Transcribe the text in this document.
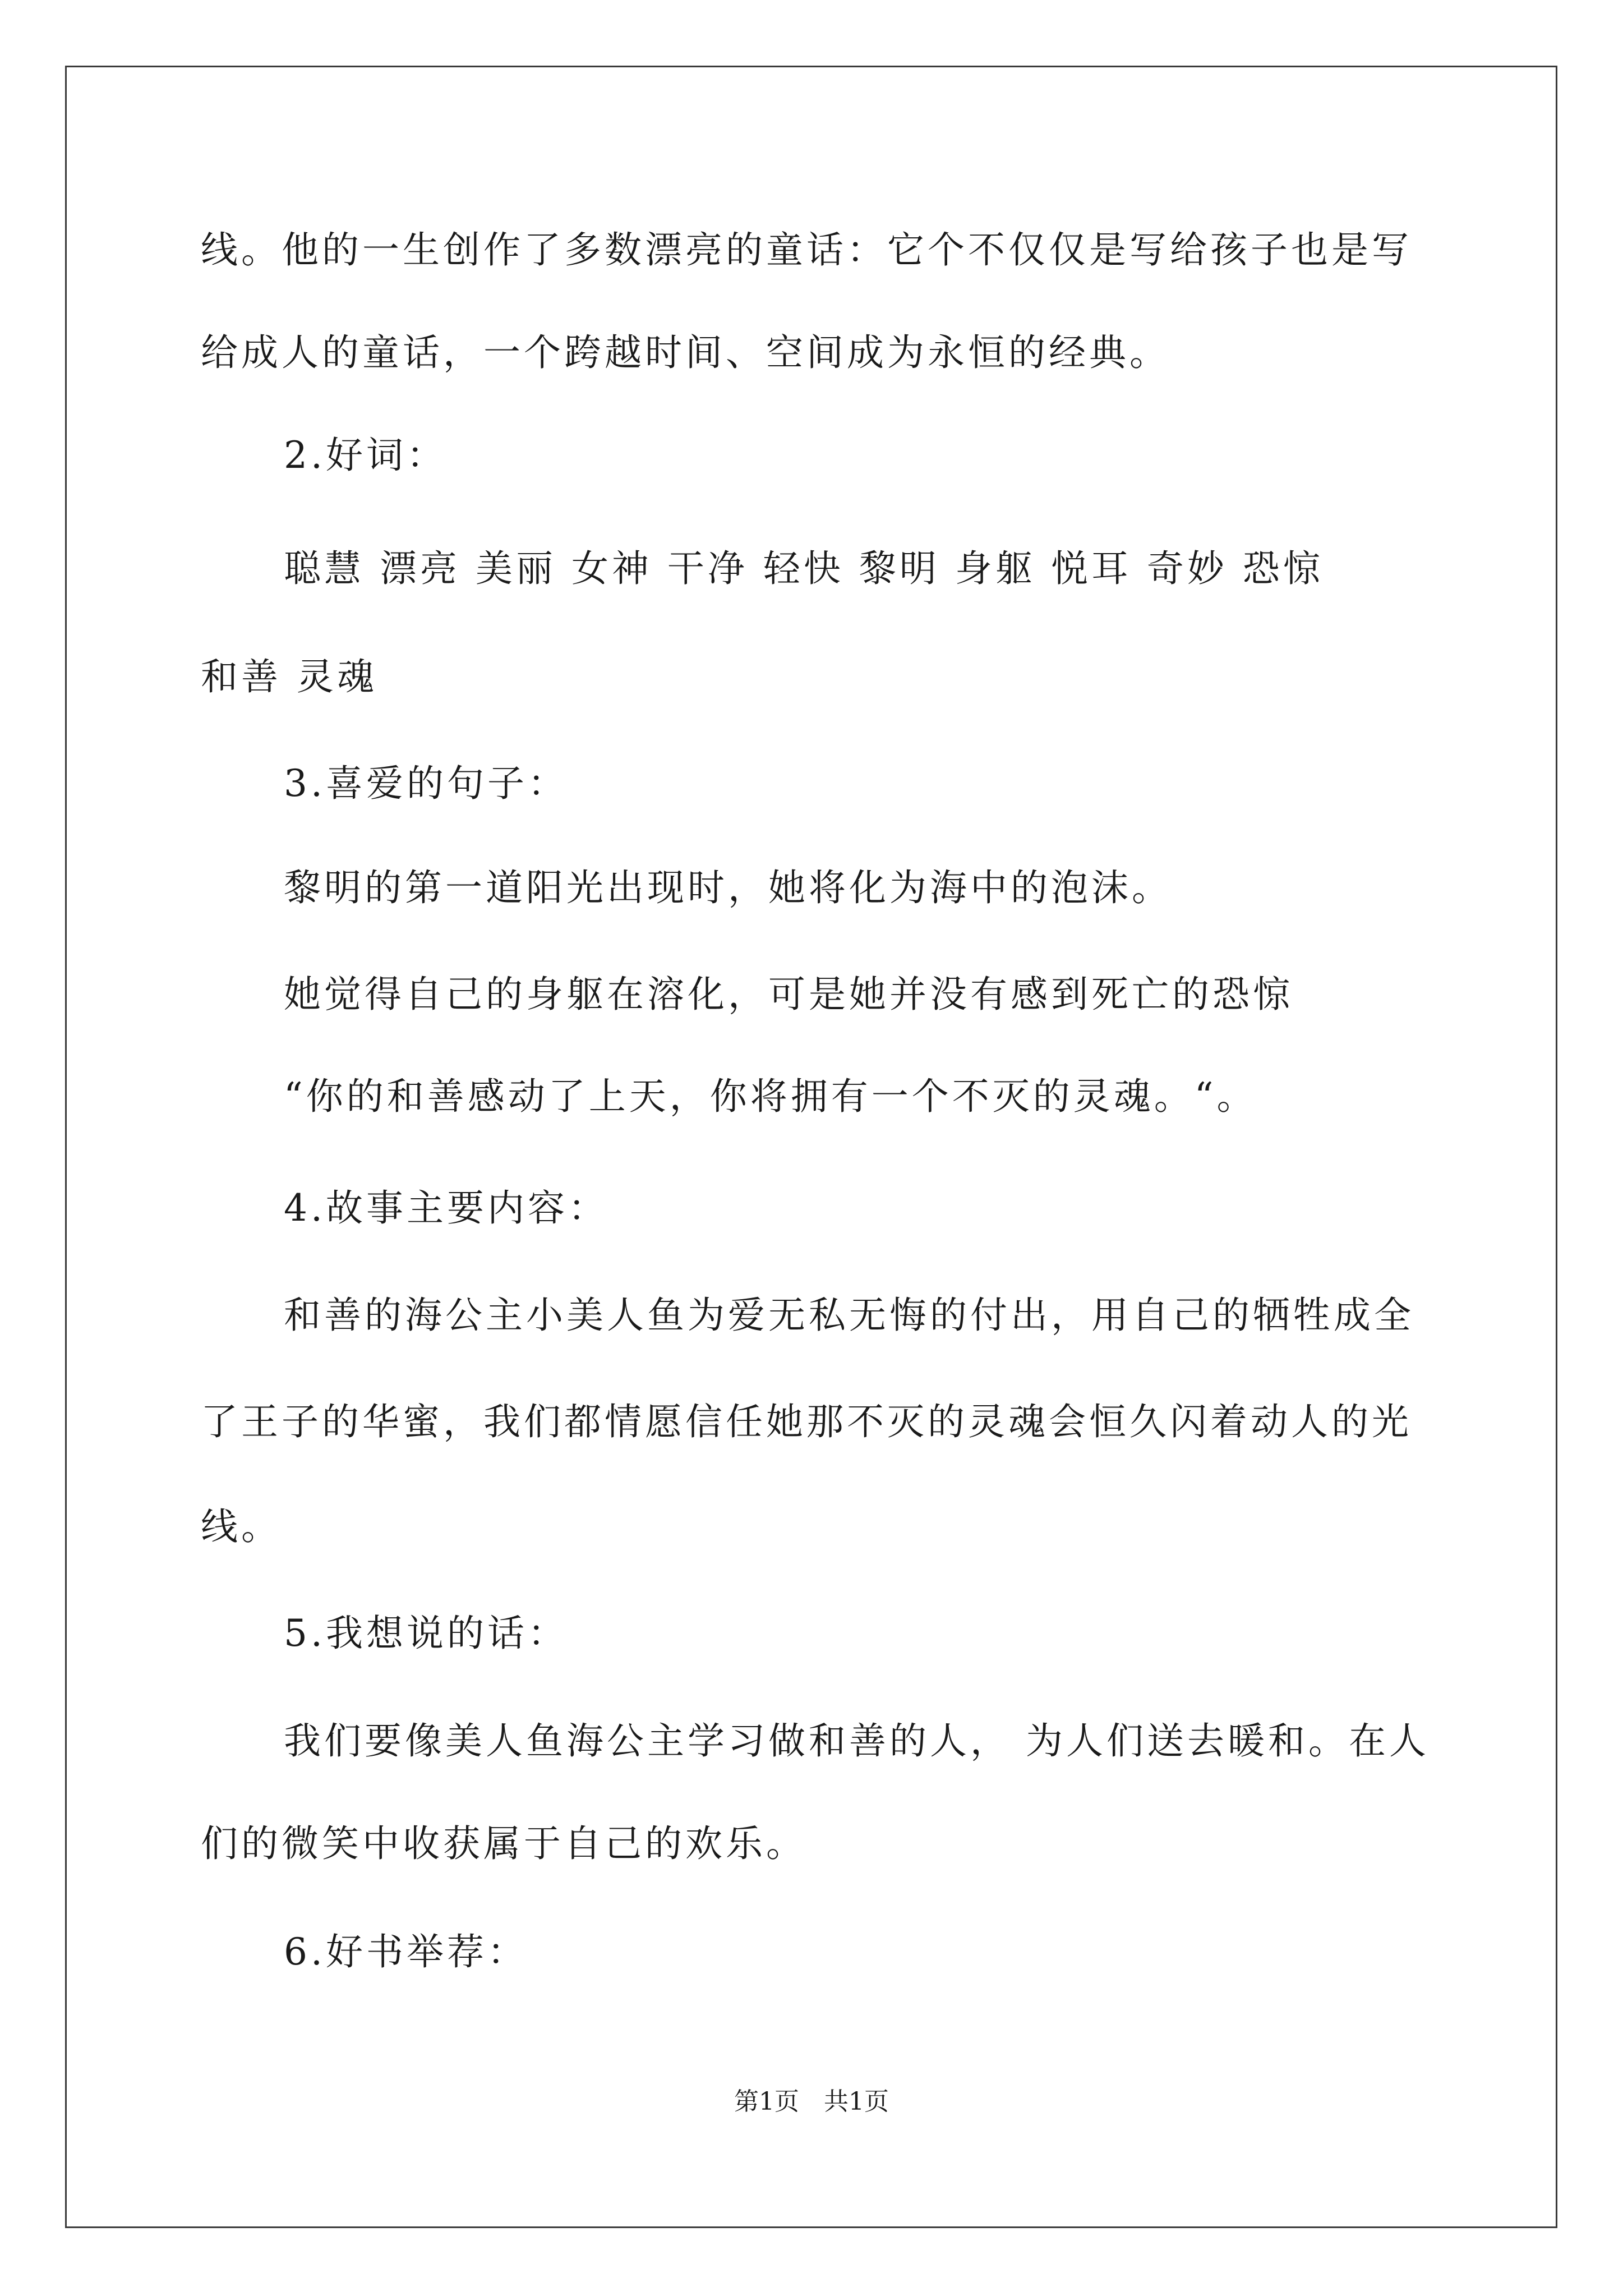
线。他的一生创作了多数漂亮的童话：它个不仅仅是写给孩子也是写
给成人的童话，一个跨越时间、空间成为永恒的经典。
2.好词：
聪慧 漂亮 美丽 女神 干净 轻快 黎明 身躯 悦耳 奇妙 恐惊
和善 灵魂
3.喜爱的句子：
黎明的第一道阳光出现时，她将化为海中的泡沫。
她觉得自己的身躯在溶化，可是她并没有感到死亡的恐惊
“你的和善感动了上天，你将拥有一个不灭的灵魂。“。
4.故事主要内容：
和善的海公主小美人鱼为爱无私无悔的付出，用自己的牺牲成全
了王子的华蜜，我们都情愿信任她那不灭的灵魂会恒久闪着动人的光
线。
5.我想说的话：
我们要像美人鱼海公主学习做和善的人， 为人们送去暖和。在人
们的微笑中收获属于自己的欢乐。
6.好书举荐：
第1页　共1页
